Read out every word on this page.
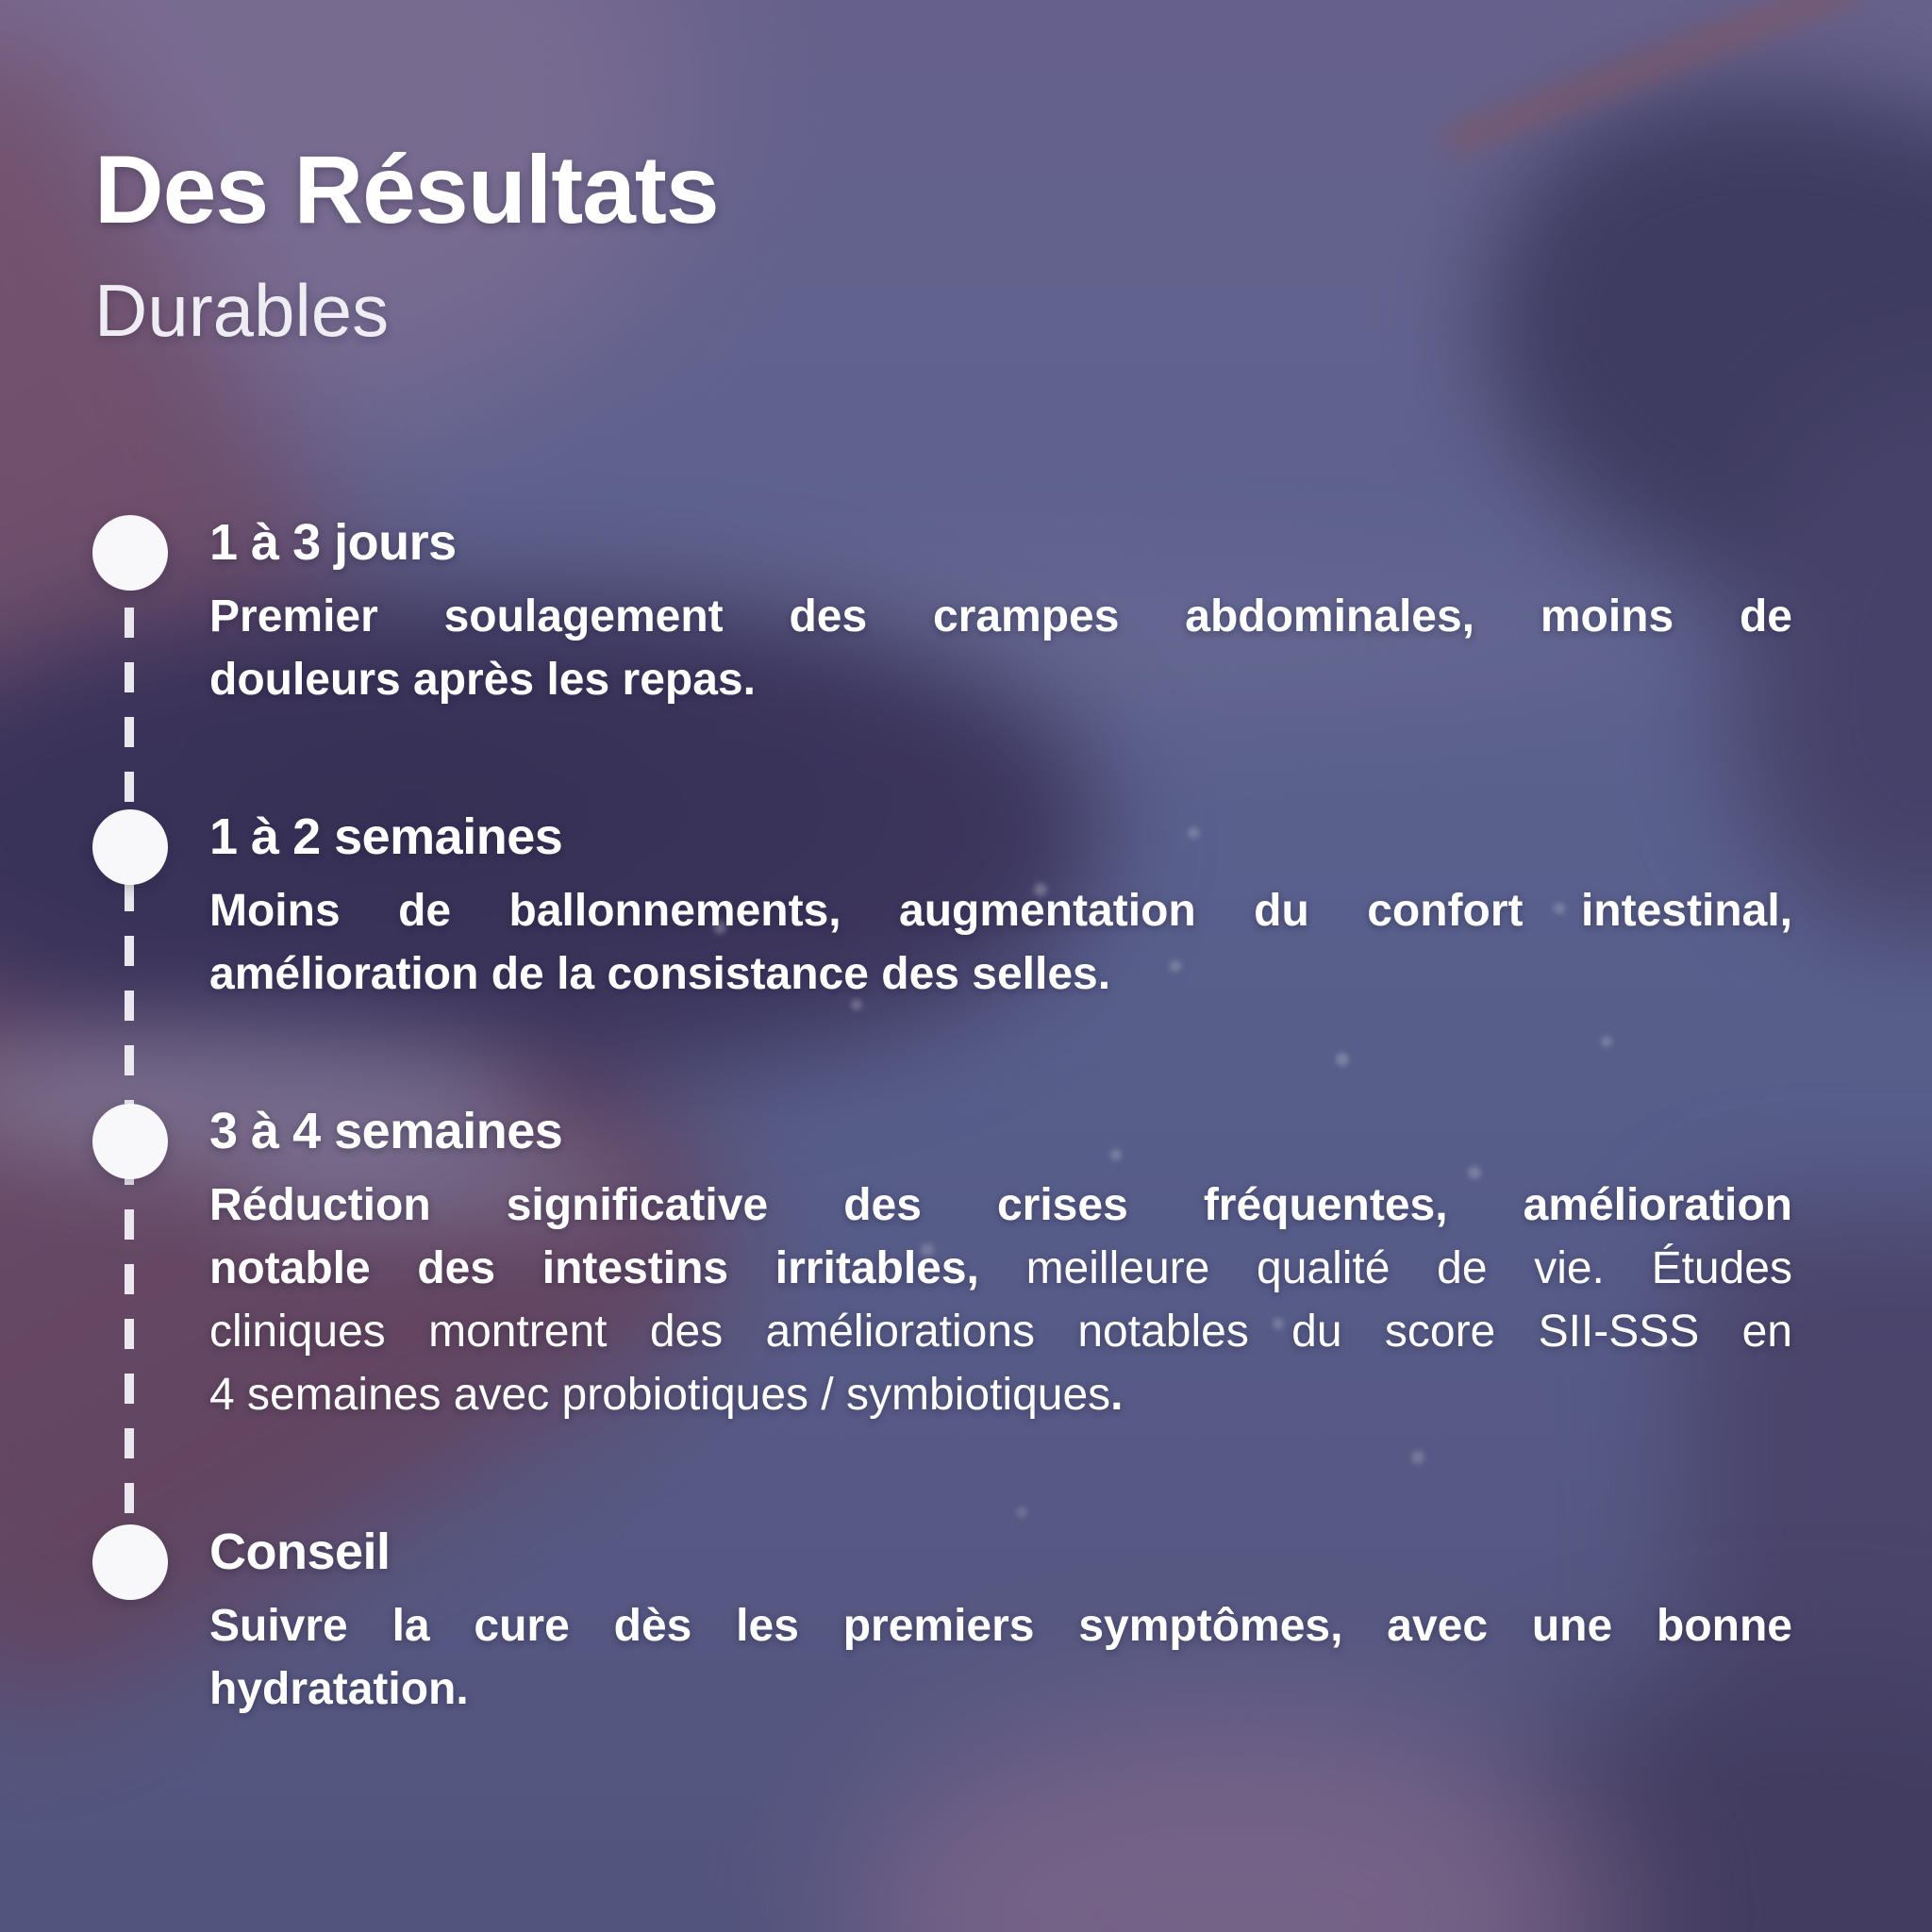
Des Résultats
Durables
1 à 3 jours
Premier soulagement des crampes abdominales, moins de
douleurs après les repas.
1 à 2 semaines
Moins de ballonnements, augmentation du confort intestinal,
amélioration de la consistance des selles.
3 à 4 semaines
Réduction significative des crises fréquentes, amélioration
notable des intestins irritables, meilleure qualité de vie. Études
cliniques montrent des améliorations notables du score SII-SSS en
4 semaines avec probiotiques / symbiotiques.
Conseil
Suivre la cure dès les premiers symptômes, avec une bonne
hydratation.
